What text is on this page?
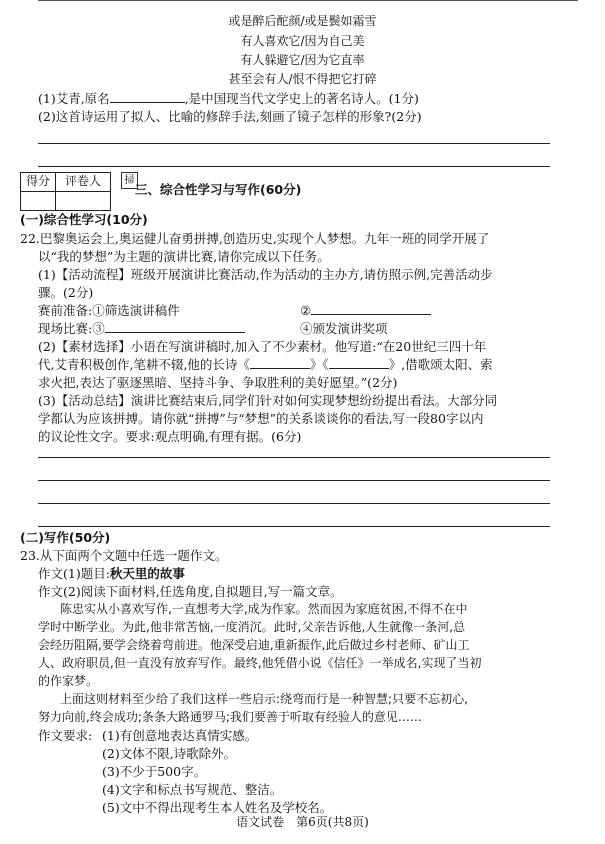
或是醉后酡颜/或是鬓如霜雪
有人喜欢它/因为自己美
有人躲避它/因为它直率
甚至会有人/恨不得把它打碎
(1)艾青,原名	,是中国现当代文学史上的著名诗人。(1分)
(2)这首诗运用了拟人、比喻的修辞手法,刻画了镜子怎样的形象?(2分)
得分	评卷人
		掃
三、综合性学习与写作(60分)
(一)综合性学习(10分)
22.巴黎奥运会上,奥运健儿奋勇拼搏,创造历史,实现个人梦想。九年一班的同学开展了
以“我的梦想”为主题的演讲比赛,请你完成以下任务。
(1)【活动流程】班级开展演讲比赛活动,作为活动的主办方,请仿照示例,完善活动步
骤。(2分)
赛前准备:①筛选演讲稿件	②
现场比赛:③	④颁发演讲奖项
(2)【素材选择】小语在写演讲稿时,加入了不少素材。他写道:“在20世纪三四十年
代,艾青积极创作,笔耕不辍,他的长诗《	》《	》,借歌颂太阳、索
求火把,表达了驱逐黑暗、坚持斗争、争取胜利的美好愿望。”(2分)
(3)【活动总结】演讲比赛结束后,同学们针对如何实现梦想纷纷提出看法。大部分同
学都认为应该拼搏。请你就“拼搏”与“梦想”的关系谈谈你的看法,写一段80字以内
的议论性文字。要求:观点明确,有理有据。(6分)
(二)写作(50分)
23.从下面两个文题中任选一题作文。
作文(1)题目:秋天里的故事
作文(2)阅读下面材料,任选角度,自拟题目,写一篇文章。
陈忠实从小喜欢写作,一直想考大学,成为作家。然而因为家庭贫困,不得不在中
学时中断学业。为此,他非常苦恼,一度消沉。此时,父亲告诉他,人生就像一条河,总
会经历阻隔,要学会绕着弯前进。他深受启迪,重新振作,此后做过乡村老师、矿山工
人、政府职员,但一直没有放弃写作。最终,他凭借小说《信任》一举成名,实现了当初
的作家梦。
上面这则材料至少给了我们这样一些启示:绕弯而行是一种智慧;只要不忘初心,
努力向前,终会成功;条条大路通罗马;我们要善于听取有经验人的意见……
作文要求: (1)有创意地表达真情实感。
(2)文体不限,诗歌除外。
(3)不少于500字。
(4)文字和标点书写规范、整洁。
(5)文中不得出现考生本人姓名及学校名。
语文试卷　第6页(共8页)
